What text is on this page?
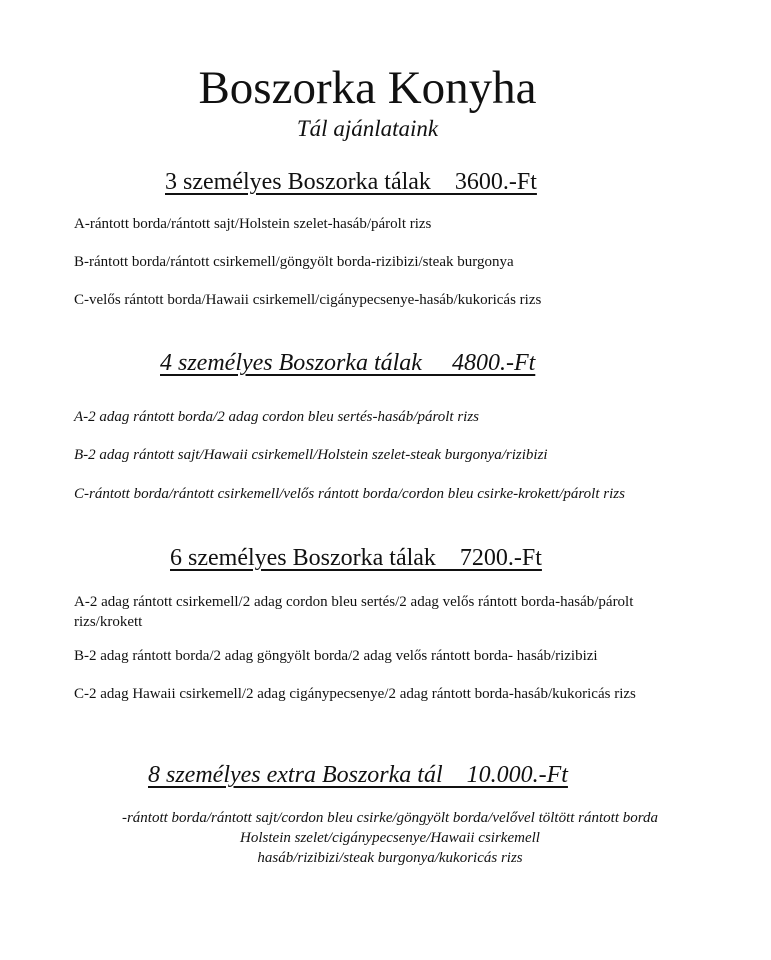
Boszorka Konyha
Tál ajánlataink
3 személyes Boszorka tálak    3600.-Ft
A-rántott borda/rántott sajt/Holstein szelet-hasáb/párolt rizs
B-rántott borda/rántott csirkemell/göngyölt borda-rizibizi/steak burgonya
C-velős rántott borda/Hawaii csirkemell/cigánypecsenye-hasáb/kukoricás rizs
4 személyes Boszorka tálak     4800.-Ft
A-2 adag rántott borda/2 adag cordon bleu sertés-hasáb/párolt rizs
B-2 adag rántott sajt/Hawaii csirkemell/Holstein szelet-steak burgonya/rizibizi
C-rántott borda/rántott csirkemell/velős rántott borda/cordon bleu csirke-krokett/párolt rizs
6 személyes Boszorka tálak    7200.-Ft
A-2 adag rántott csirkemell/2 adag cordon bleu sertés/2 adag velős rántott borda-hasáb/párolt rizs/krokett
B-2 adag rántott borda/2 adag göngyölt borda/2 adag velős rántott borda- hasáb/rizibizi
C-2 adag Hawaii csirkemell/2 adag cigánypecsenye/2 adag rántott borda-hasáb/kukoricás rizs
8 személyes extra Boszorka tál    10.000.-Ft
-rántott borda/rántott sajt/cordon bleu csirke/göngyölt borda/velővel töltött rántott borda
Holstein szelet/cigánypecsenye/Hawaii csirkemell
hasáb/rizibizi/steak burgonya/kukoricás rizs
